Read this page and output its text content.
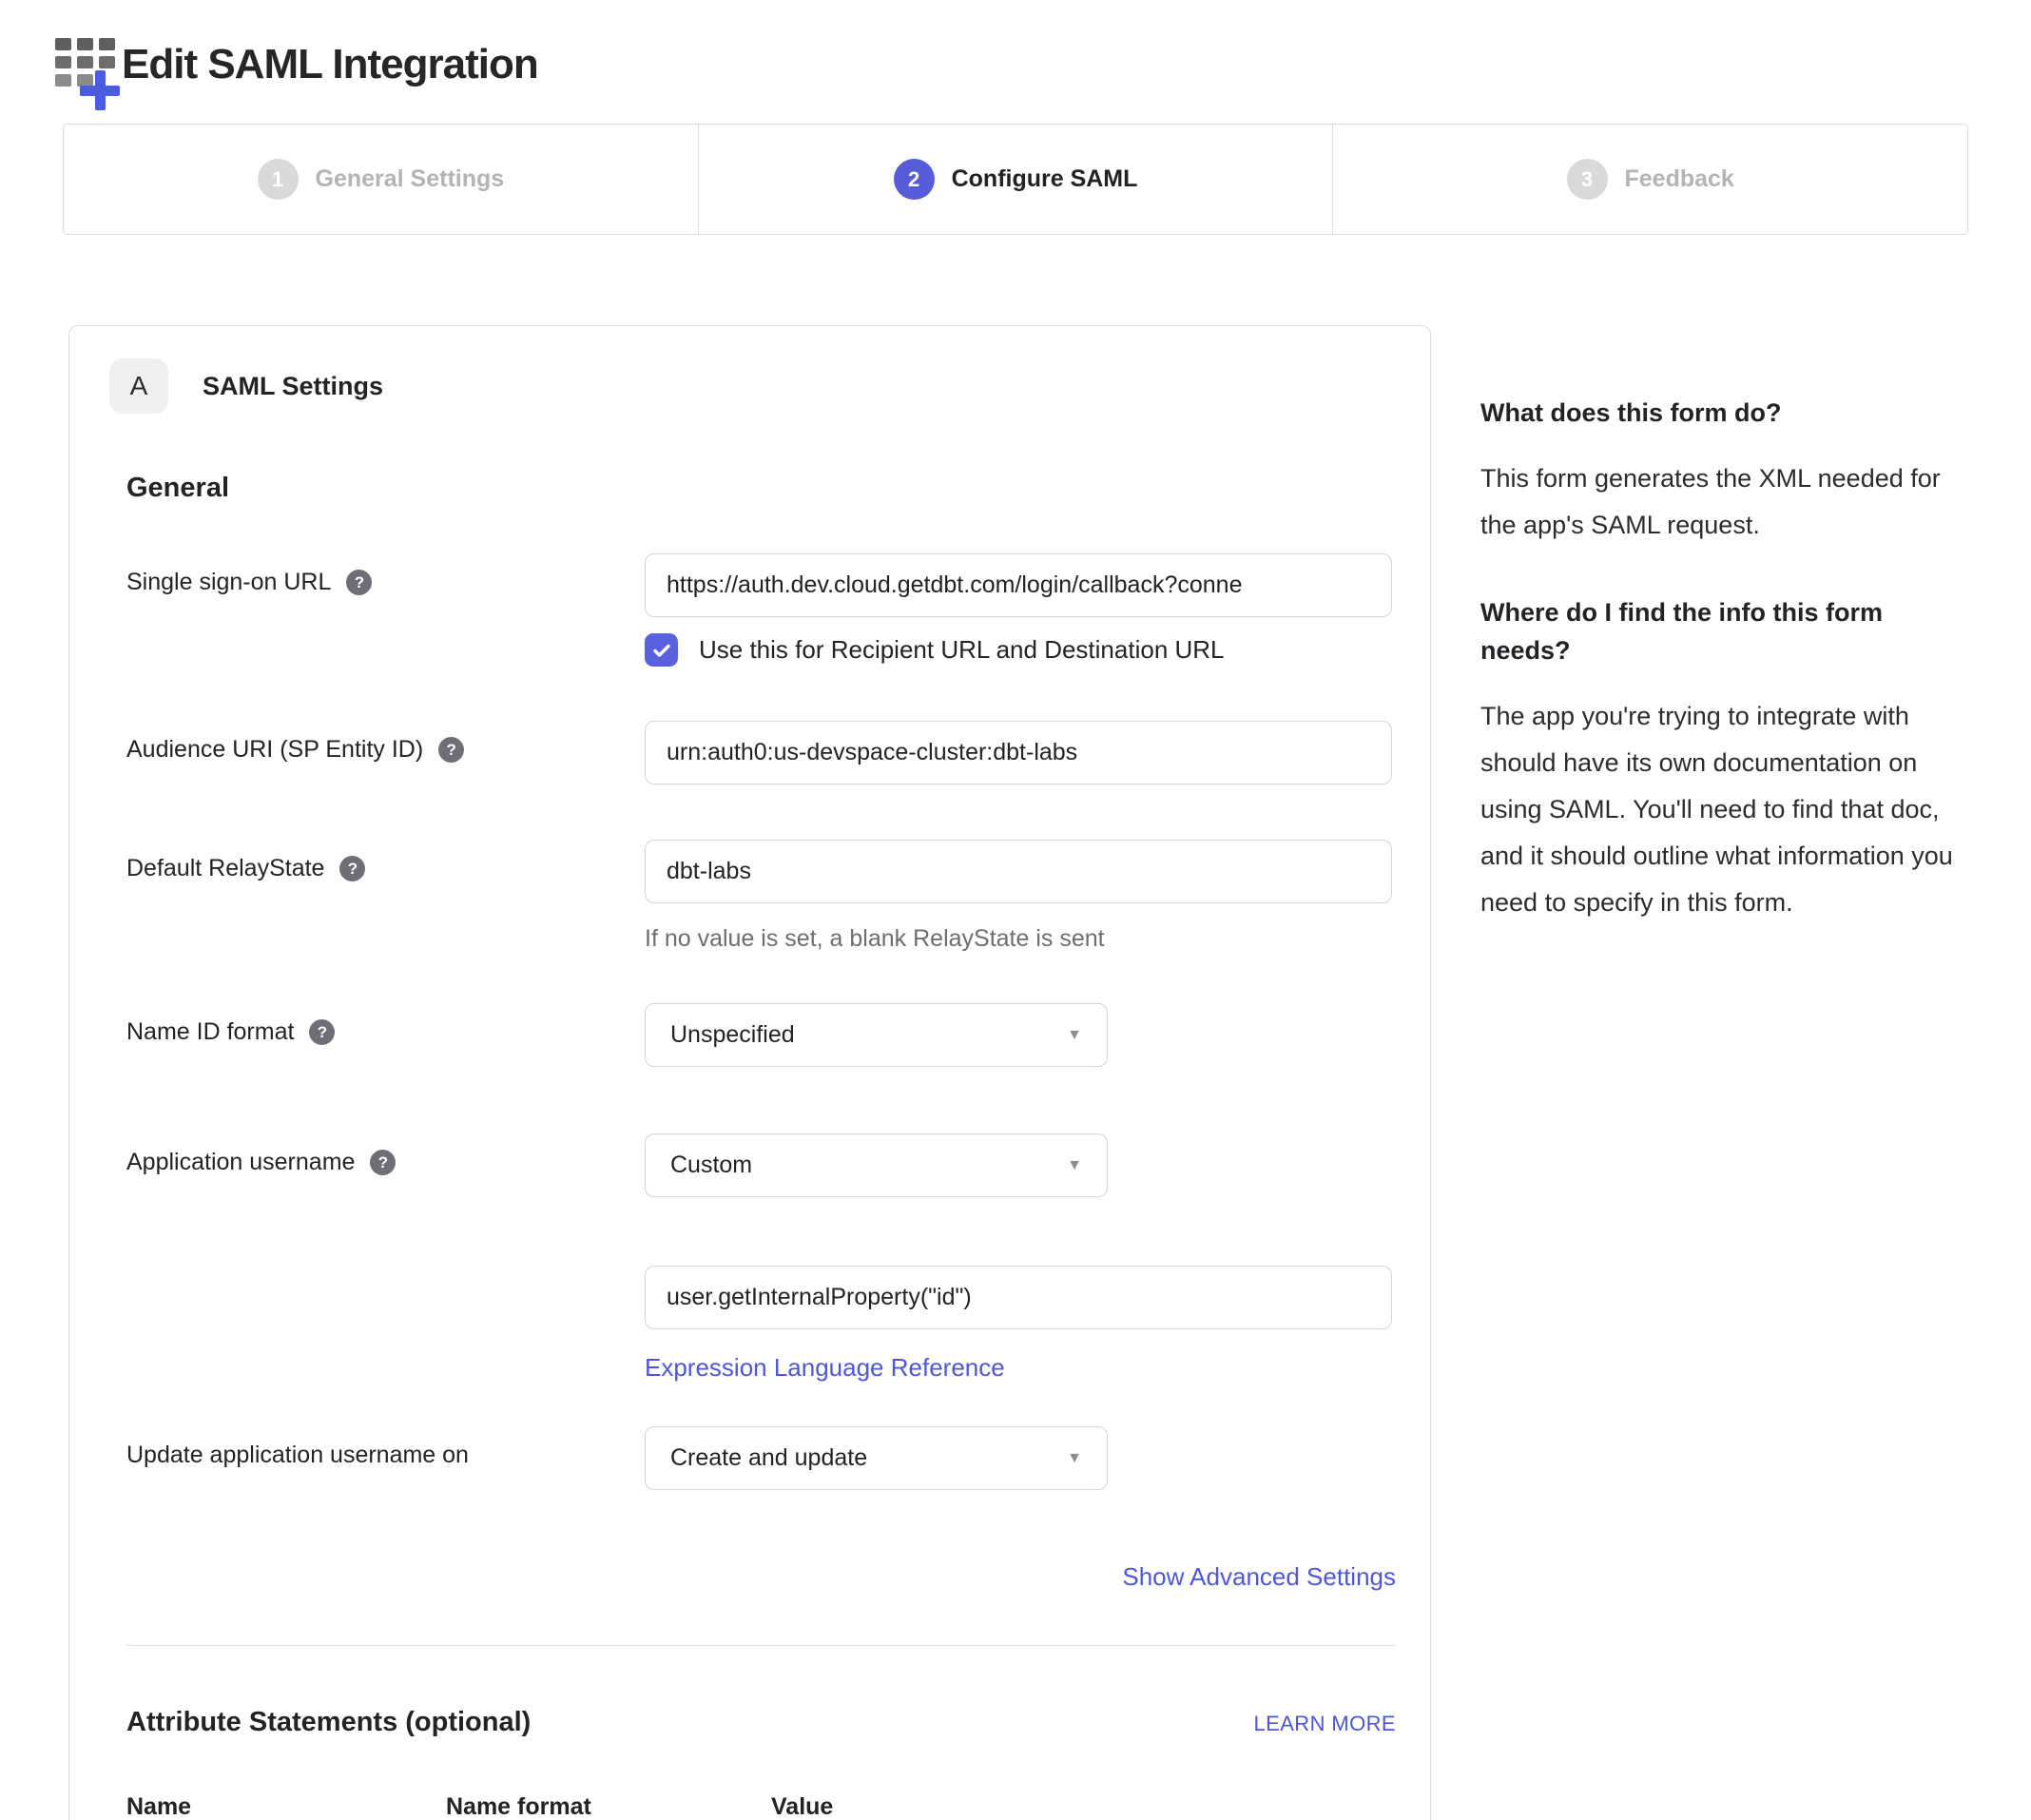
Edit SAML Integration
1	General Settings	2	Configure SAML	3	Feedback
A	SAML Settings
General
Single sign-on URL	?
https://auth.dev.cloud.getdbt.com/login/callback?conne
Use this for Recipient URL and Destination URL
Audience URI (SP Entity ID)	?
urn:auth0:us-devspace-cluster:dbt-labs
Default RelayState	?
dbt-labs
If no value is set, a blank RelayState is sent
Name ID format	?	Unspecified	▼
Application username	?	Custom	▼
user.getInternalProperty("id") Expression Language Reference
Update application username on	Create and update	▼
Show Advanced Settings
Attribute Statements (optional)	LEARN MORE
Name	Name format	Value
What does this form do?
This form generates the XML needed for the app's SAML request.
Where do I find the info this form needs?
The app you're trying to integrate with should have its own documentation on using SAML. You'll need to find that doc, and it should outline what information you need to specify in this form.
